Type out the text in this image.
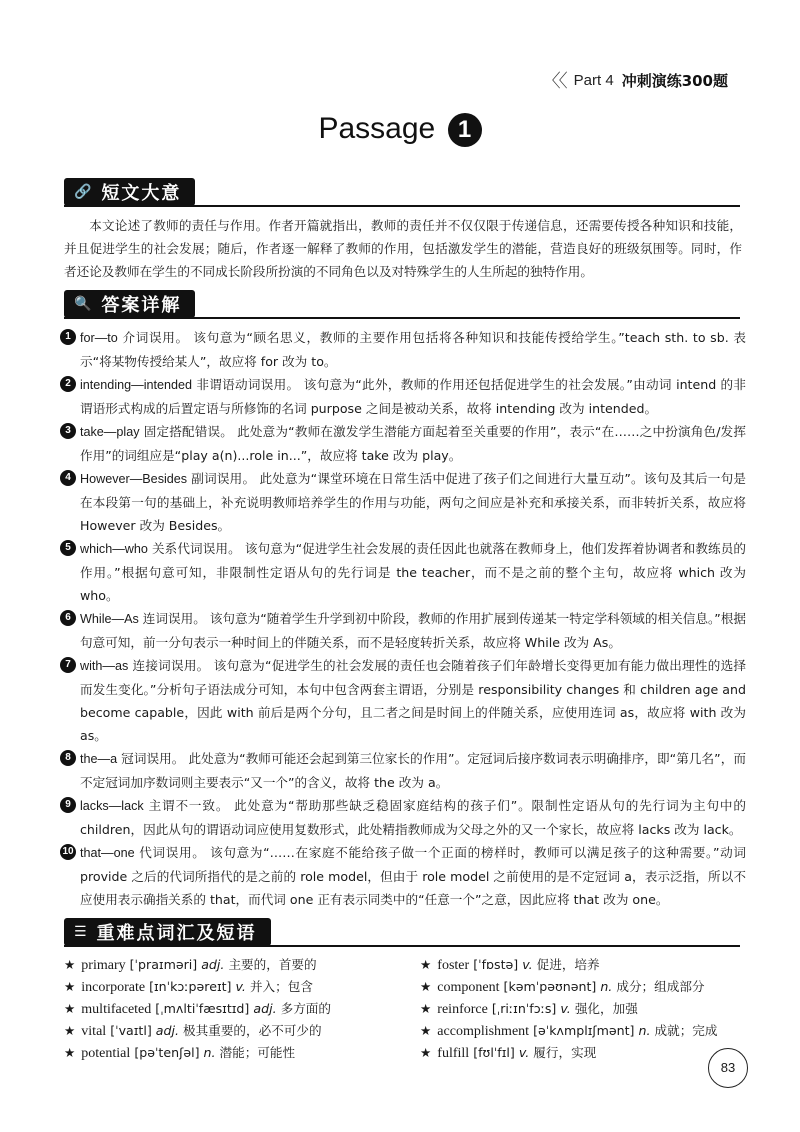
〈〈 Part 4 冲刺演练300题
Passage 1
🔗 短文大意
本文论述了教师的责任与作用。作者开篇就指出，教师的责任并不仅仅限于传递信息，还需要传授各种知识和技能，并且促进学生的社会发展；随后，作者逐一解释了教师的作用，包括激发学生的潜能，营造良好的班级氛围等。同时，作者还论及教师在学生的不同成长阶段所扮演的不同角色以及对特殊学生的人生所起的独特作用。
🔍 答案详解
1 for—to 介词误用。 该句意为“顾名思义，教师的主要作用包括将各种知识和技能传授给学生。”teach sth. to sb. 表示“将某物传授给某人”，故应将 for 改为 to。
2 intending—intended 非谓语动词误用。 该句意为“此外，教师的作用还包括促进学生的社会发展。”由动词 intend 的非谓语形式构成的后置定语与所修饰的名词 purpose 之间是被动关系，故将 intending 改为 intended。
3 take—play 固定搭配错误。 此处意为“教师在激发学生潜能方面起着至关重要的作用”，表示“在……之中扮演角色/发挥作用”的词组应是“play a(n)...role in...”，故应将 take 改为 play。
4 However—Besides 副词误用。 此处意为“课堂环境在日常生活中促进了孩子们之间进行大量互动”。该句及其后一句是在本段第一句的基础上，补充说明教师培养学生的作用与功能，两句之间应是补充和承接关系，而非转折关系，故应将 However 改为 Besides。
5 which—who 关系代词误用。 该句意为“促进学生社会发展的责任因此也就落在教师身上，他们发挥着协调者和教练员的作用。”根据句意可知，非限制性定语从句的先行词是 the teacher，而不是之前的整个主句，故应将 which 改为 who。
6 While—As 连词误用。 该句意为“随着学生升学到初中阶段，教师的作用扩展到传递某一特定学科领域的相关信息。”根据句意可知，前一分句表示一种时间上的伴随关系，而不是轻度转折关系，故应将 While 改为 As。
7 with—as 连接词误用。 该句意为“促进学生的社会发展的责任也会随着孩子们年龄增长变得更加有能力做出理性的选择而发生变化。”分析句子语法成分可知，本句中包含两套主谓语，分别是 responsibility changes 和 children age and become capable，因此 with 前后是两个分句，且二者之间是时间上的伴随关系，应使用连词 as，故应将 with 改为 as。
8 the—a 冠词误用。 此处意为“教师可能还会起到第三位家长的作用”。定冠词后接序数词表示明确排序，即“第几名”，而不定冠词加序数词则主要表示“又一个”的含义，故将 the 改为 a。
9 lacks—lack 主谓不一致。 此处意为“帮助那些缺乏稳固家庭结构的孩子们”。限制性定语从句的先行词为主句中的 children，因此从句的谓语动词应使用复数形式，此处精指教师成为父母之外的又一个家长，故应将 lacks 改为 lack。
10 that—one 代词误用。 该句意为“……在家庭不能给孩子做一个正面的榜样时，教师可以满足孩子的这种需要。”动词 provide 之后的代词所指代的是之前的 role model，但由于 role model 之前使用的是不定冠词 a，表示泛指，所以不应使用表示确指关系的 that，而代词 one 正有表示同类中的“任意一个”之意，因此应将 that 改为 one。
☰ 重难点词汇及短语
★ primary [ˈpraɪməri] adj. 主要的，首要的	★ foster [ˈfɒstə] v. 促进，培养
★ incorporate [ɪnˈkɔːpəreɪt] v. 并入；包含	★ component [kəmˈpəʊnənt] n. 成分；组成部分
★ multifaceted [ˌmʌltiˈfæsɪtɪd] adj. 多方面的	★ reinforce [ˌriːɪnˈfɔːs] v. 强化，加强
★ vital [ˈvaɪtl] adj. 极其重要的，必不可少的	★ accomplishment [əˈkʌmplɪʃmənt] n. 成就；完成
★ potential [pəˈtenʃəl] n. 潜能；可能性	★ fulfill [fʊlˈfɪl] v. 履行，实现
83
